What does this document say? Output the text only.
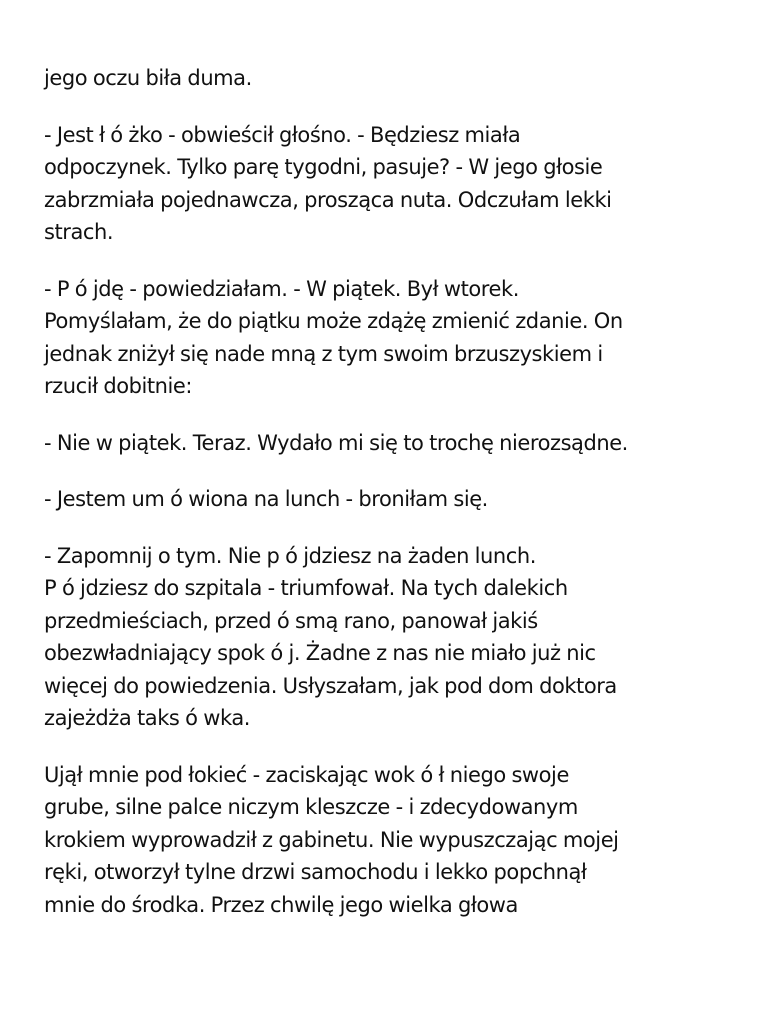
jego oczu biła duma.

- Jest ł ó żko - obwieścił głośno. - Będziesz miała
odpoczynek. Tylko parę tygodni, pasuje? - W jego głosie
zabrzmiała pojednawcza, prosząca nuta. Odczułam lekki
strach.

- P ó jdę - powiedziałam. - W piątek. Był wtorek.
Pomyślałam, że do piątku może zdążę zmienić zdanie. On
jednak zniżył się nade mną z tym swoim brzuszyskiem i
rzucił dobitnie:

- Nie w piątek. Teraz. Wydało mi się to trochę nierozsądne.

- Jestem um ó wiona na lunch - broniłam się.

- Zapomnij o tym. Nie p ó jdziesz na żaden lunch.
P ó jdziesz do szpitala - triumfował. Na tych dalekich
przedmieściach, przed ó smą rano, panował jakiś
obezwładniający spok ó j. Żadne z nas nie miało już nic
więcej do powiedzenia. Usłyszałam, jak pod dom doktora
zajeżdża taks ó wka.

Ujął mnie pod łokieć - zaciskając wok ó ł niego swoje
grube, silne palce niczym kleszcze - i zdecydowanym
krokiem wyprowadził z gabinetu. Nie wypuszczając mojej
ręki, otworzył tylne drzwi samochodu i lekko popchnął
mnie do środka. Przez chwilę jego wielka głowa
